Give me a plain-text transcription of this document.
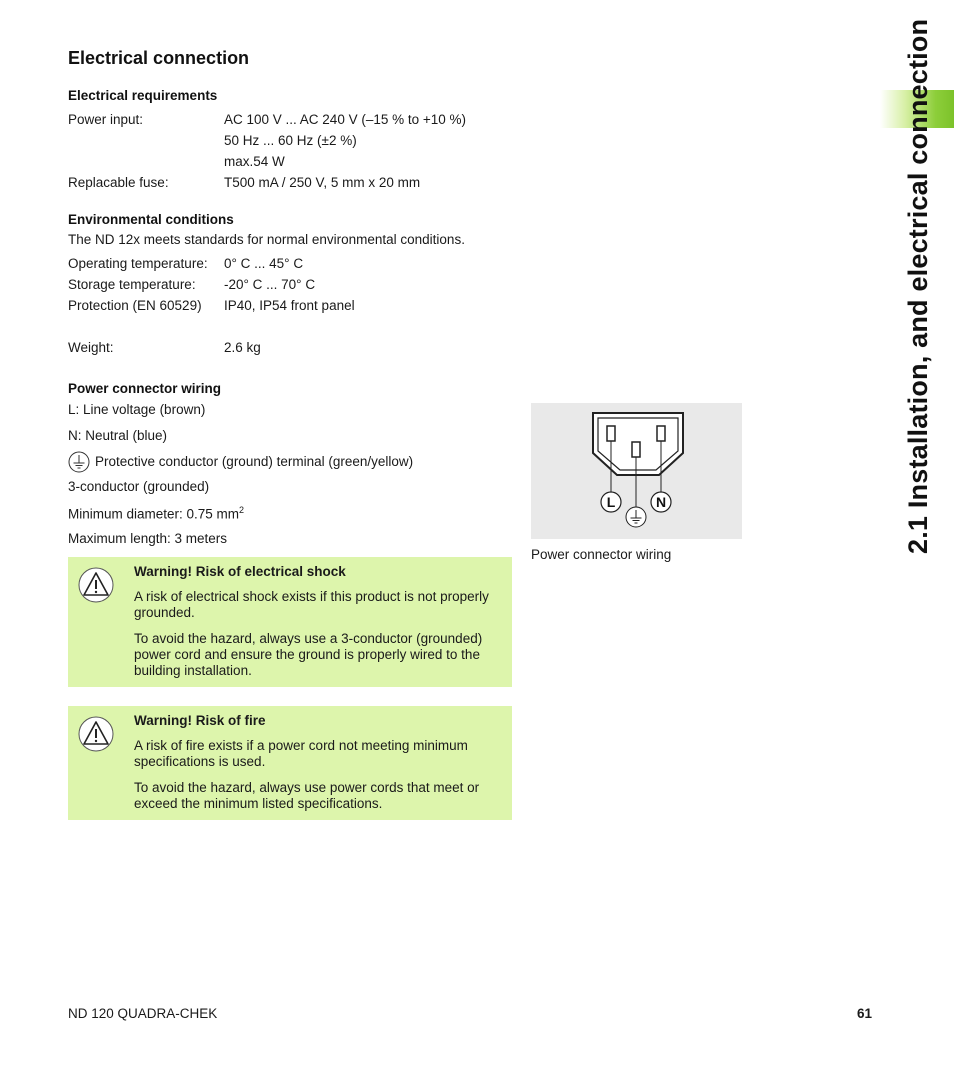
Electrical connection
Electrical requirements
Power input:	AC 100 V ... AC 240 V (–15 % to +10 %)
50 Hz ... 60 Hz (±2 %)
max.54 W
Replacable fuse:	T500 mA / 250 V, 5 mm x 20 mm
Environmental conditions
The ND 12x meets standards for normal environmental conditions.
Operating temperature: 0° C ... 45° C
Storage temperature: -20° C ... 70° C
Protection (EN 60529) IP40, IP54 front panel
Weight:	2.6 kg
Power connector wiring
L: Line voltage (brown)
N: Neutral (blue)
Protective conductor (ground) terminal (green/yellow)
3-conductor (grounded)
Minimum diameter: 0.75 $mm^2$
Maximum length: 3 meters
L	N
Power connector wiring
Warning! Risk of electrical shock

A risk of electrical shock exists if this product is not properly grounded.

To avoid the hazard, always use a 3-conductor (grounded) power cord and ensure the ground is properly wired to the building installation.

Warning! Risk of fire

A risk of fire exists if a power cord not meeting minimum specifications is used.

To avoid the hazard, always use power cords that meet or exceed the minimum listed specifications.

2.1 Installation, and electrical connection
ND 120 QUADRA-CHEK	61
